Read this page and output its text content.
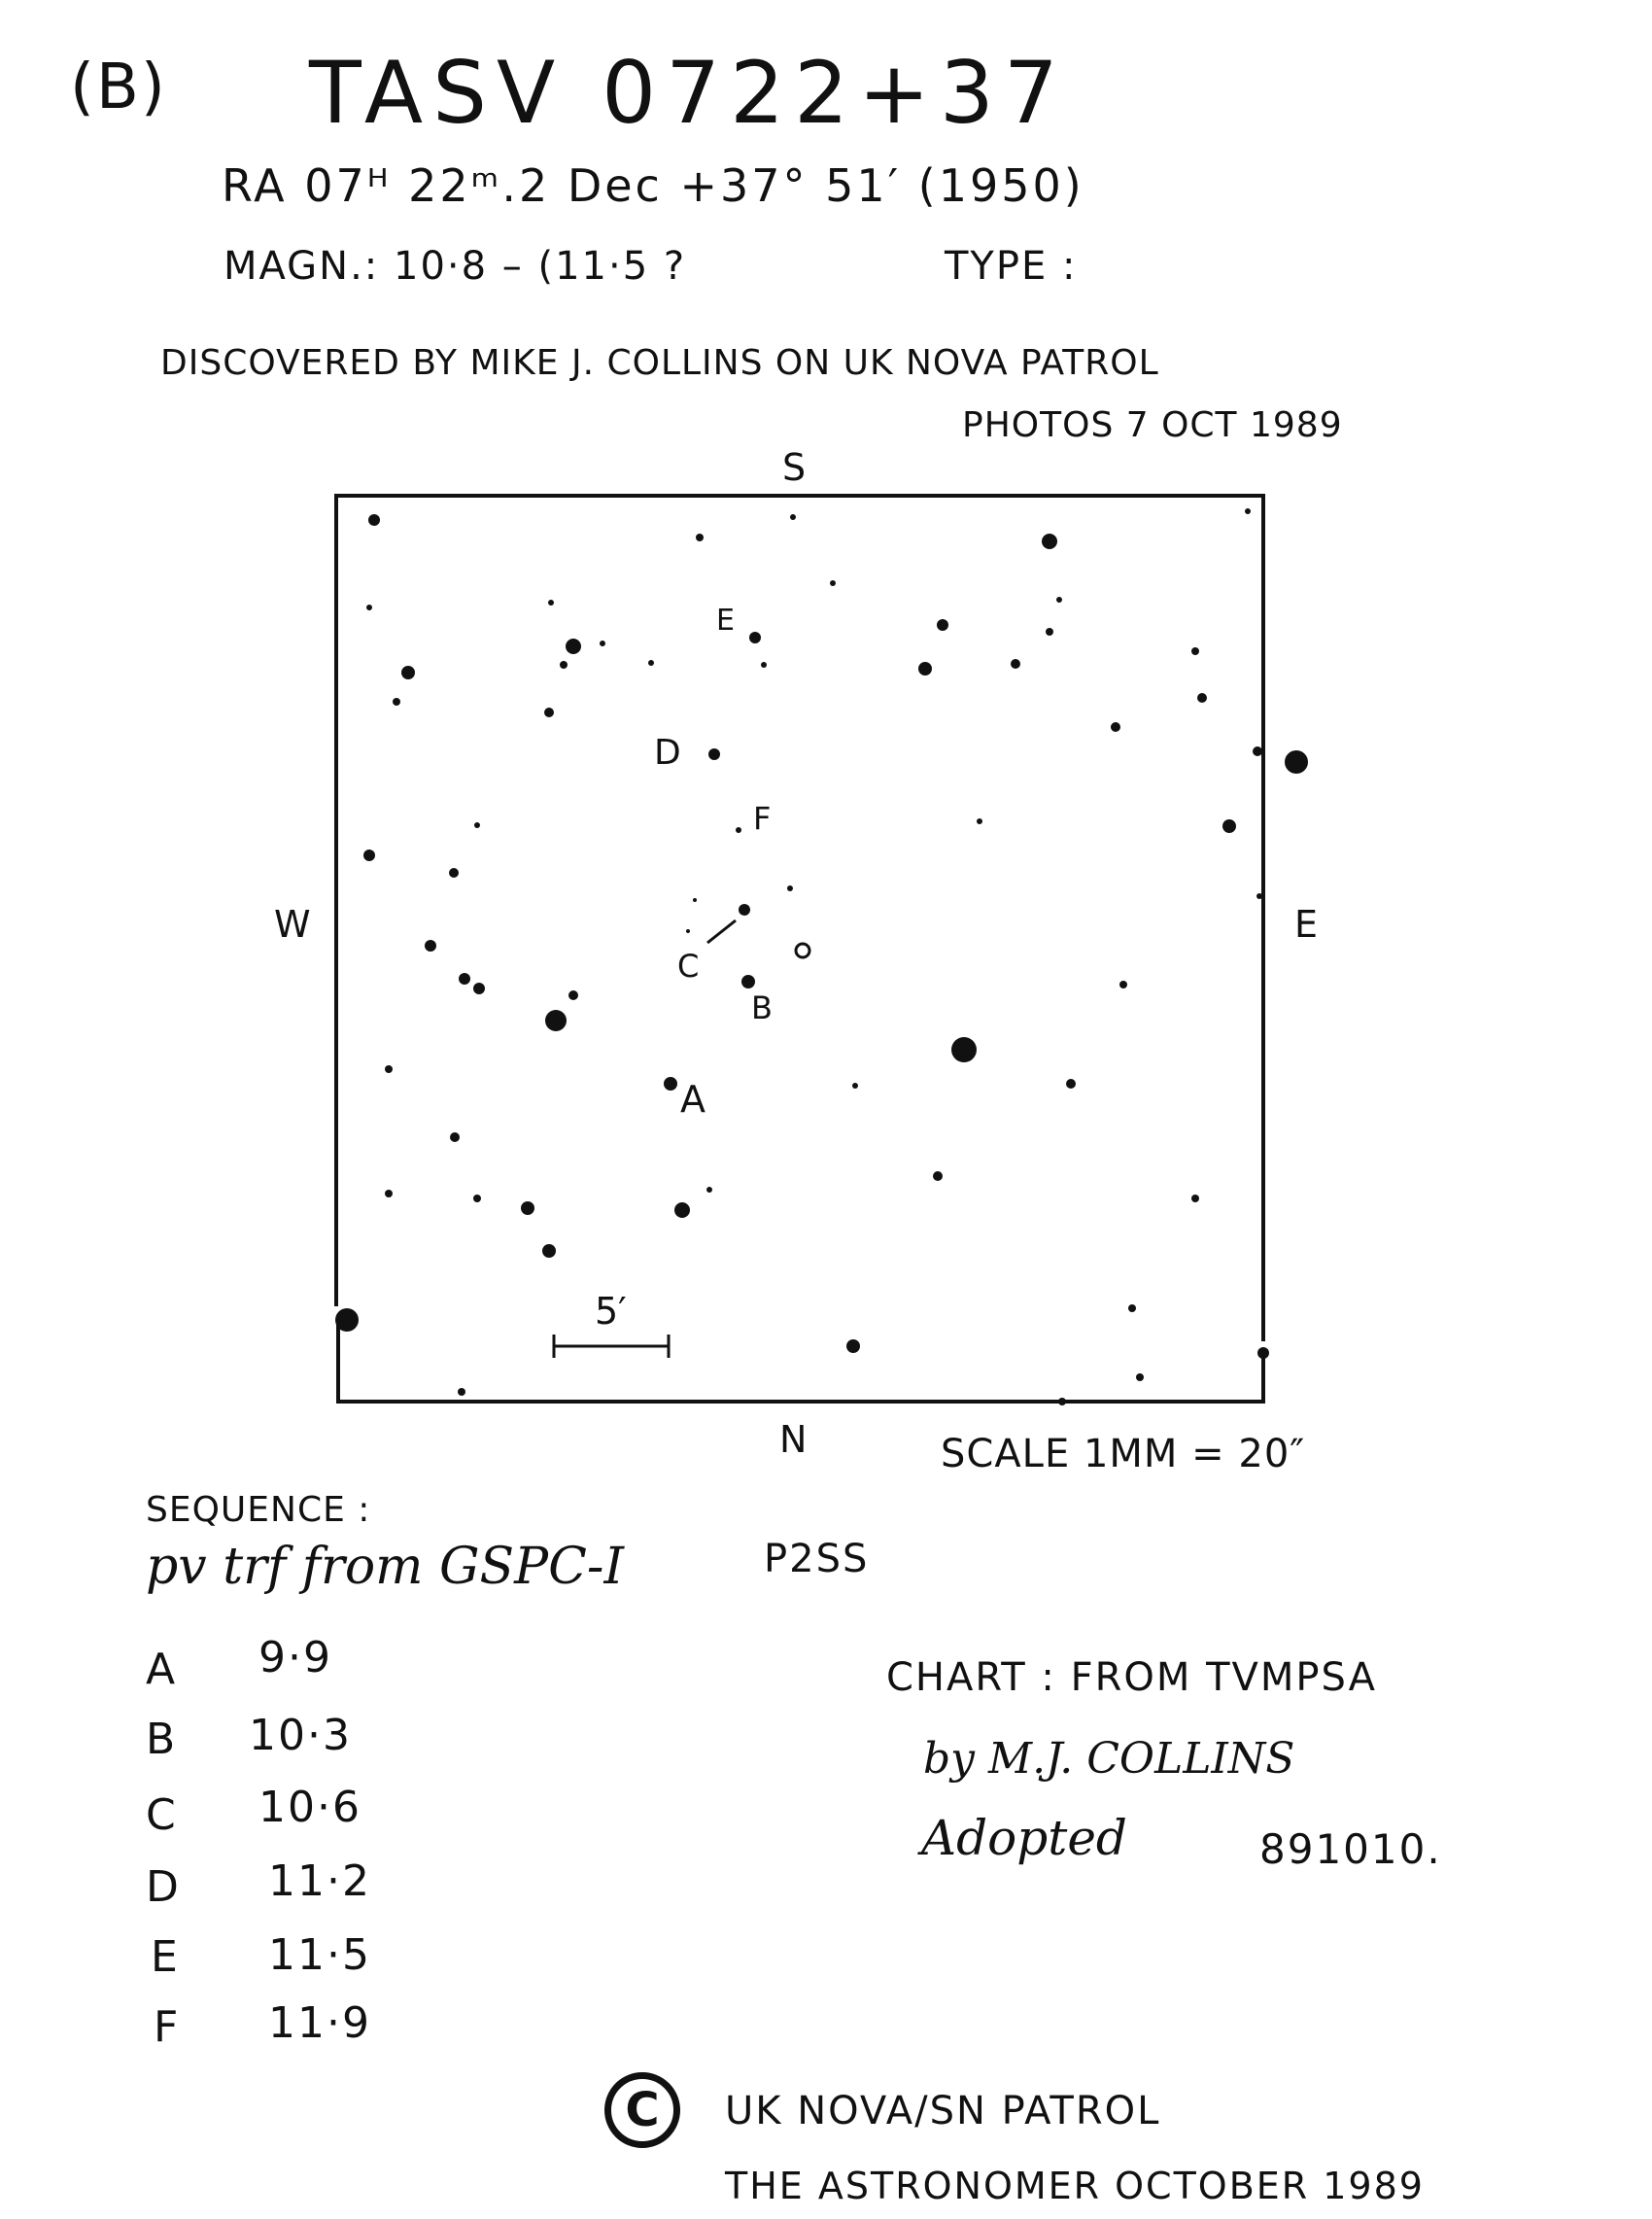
(B) TASV 0722+37
RA 07ᴴ 22ᵐ.2 Dec +37° 51′ (1950)
MAGN.: 10·8 – (11·5 ?	TYPE :
DISCOVERED BY MIKE J. COLLINS ON UK NOVA PATROL
PHOTOS 7 OCT 1989
S
W	E
N
E
D
F
C
B
A
5′
SCALE 1MM = 20″
SEQUENCE :
pv trf from GSPC-I	P2SS
A 9·9
B 10·3
C 10·6
D 11·2
E 11·5
F 11·9
CHART : FROM TVMPSA
by M.J. COLLINS
Adopted	891010.
C	UK NOVA/SN PATROL
THE ASTRONOMER OCTOBER 1989
